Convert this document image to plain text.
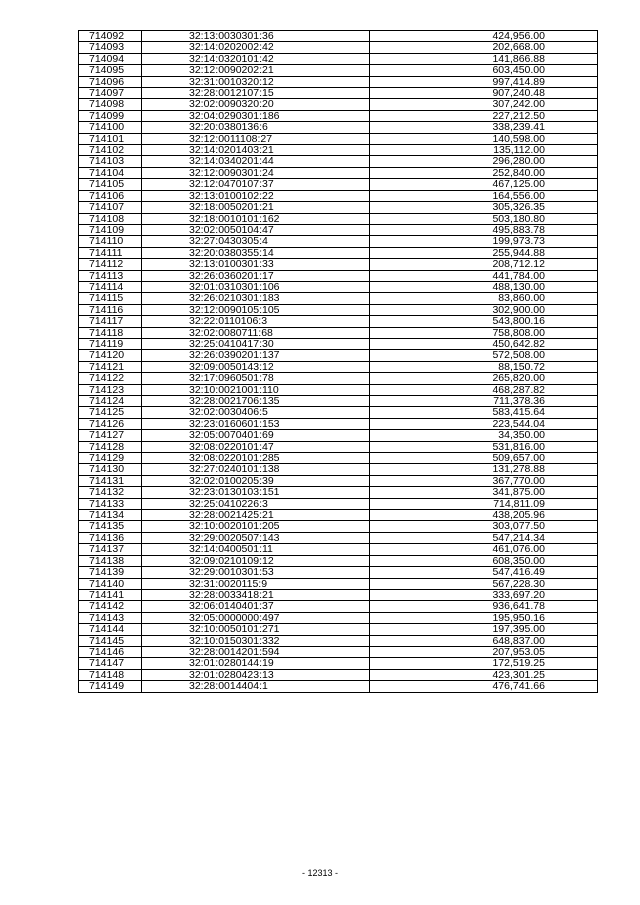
714092	32:13:0030301:36	424,956.00
714093	32:14:0202002:42	202,668.00
714094	32:14:0320101:42	141,866.88
714095	32:12:0090202:21	603,450.00
714096	32:31:0010320:12	997,414.89
714097	32:28:0012107:15	907,240.48
714098	32:02:0090320:20	307,242.00
714099	32:04:0290301:186	227,212.50
714100	32:20:0380136:6	338,239.41
714101	32:12:0011108:27	140,598.00
714102	32:14:0201403:21	135,112.00
714103	32:14:0340201:44	296,280.00
714104	32:12:0090301:24	252,840.00
714105	32:12:0470107:37	467,125.00
714106	32:13:0100102:22	164,556.00
714107	32:18:0050201:21	305,326.35
714108	32:18:0010101:162	503,180.80
714109	32:02:0050104:47	495,883.78
714110	32:27:0430305:4	199,973.73
714111	32:20:0380355:14	255,944.88
714112	32:13:0100301:33	208,712.12
714113	32:26:0360201:17	441,784.00
714114	32:01:0310301:106	488,130.00
714115	32:26:0210301:183	83,860.00
714116	32:12:0090105:105	302,900.00
714117	32:22:0110106:3	543,800.16
714118	32:02:0080711:68	758,808.00
714119	32:25:0410417:30	450,642.82
714120	32:26:0390201:137	572,508.00
714121	32:09:0050143:12	88,150.72
714122	32:17:0960501:78	265,820.00
714123	32:10:0021001:110	468,287.82
714124	32:28:0021706:135	711,378.36
714125	32:02:0030406:5	583,415.64
714126	32:23:0160601:153	223,544.04
714127	32:05:0070401:69	34,350.00
714128	32:08:0220101:47	531,816.00
714129	32:08:0220101:285	509,657.00
714130	32:27:0240101:138	131,278.88
714131	32:02:0100205:39	367,770.00
714132	32:23:0130103:151	341,875.00
714133	32:25:0410226:3	714,811.09
714134	32:28:0021425:21	438,205.96
714135	32:10:0020101:205	303,077.50
714136	32:29:0020507:143	547,214.34
714137	32:14:0400501:11	461,076.00
714138	32:09:0210109:12	608,350.00
714139	32:29:0010301:53	547,416.49
714140	32:31:0020115:9	567,228.30
714141	32:28:0033418:21	333,697.20
714142	32:06:0140401:37	936,641.78
714143	32:05:0000000:497	195,950.16
714144	32:10:0050101:271	197,395.00
714145	32:10:0150301:332	648,837.00
714146	32:28:0014201:594	207,953.05
714147	32:01:0280144:19	172,519.25
714148	32:01:0280423:13	423,301.25
714149	32:28:0014404:1	476,741.66
- 12313 -
